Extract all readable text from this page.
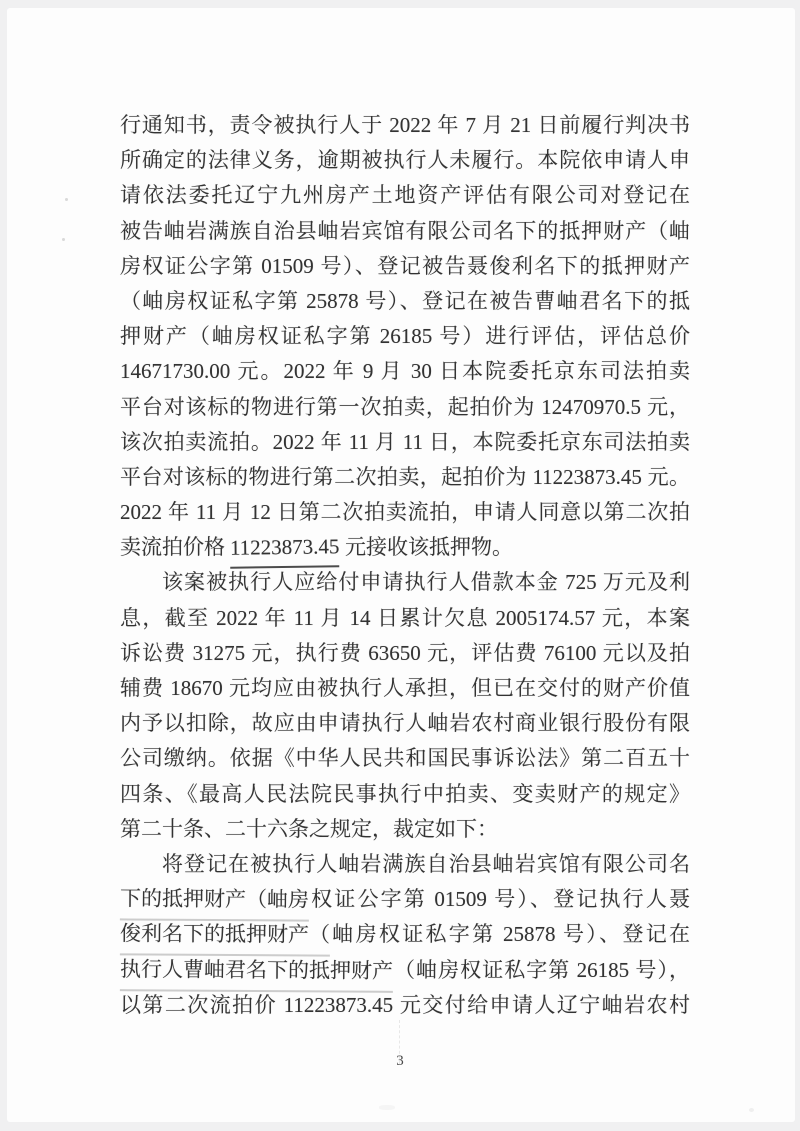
行通知书，责令被执行人于 2022 年 7 月 21 日前履行判决书
所确定的法律义务，逾期被执行人未履行。本院依申请人申
请依法委托辽宁九州房产土地资产评估有限公司对登记在
被告岫岩满族自治县岫岩宾馆有限公司名下的抵押财产（岫
房权证公字第 01509 号）、登记被告聂俊利名下的抵押财产
（岫房权证私字第 25878 号）、登记在被告曹岫君名下的抵
押财产（岫房权证私字第 26185 号）进行评估，评估总价
14671730.00 元。2022 年 9 月 30 日本院委托京东司法拍卖
平台对该标的物进行第一次拍卖，起拍价为 12470970.5 元，
该次拍卖流拍。2022 年 11 月 11 日，本院委托京东司法拍卖
平台对该标的物进行第二次拍卖，起拍价为 11223873.45 元。
2022 年 11 月 12 日第二次拍卖流拍，申请人同意以第二次拍
卖流拍价格 11223873.45 元接收该抵押物。
该案被执行人应给付申请执行人借款本金 725 万元及利
息，截至 2022 年 11 月 14 日累计欠息 2005174.57 元，本案
诉讼费 31275 元，执行费 63650 元，评估费 76100 元以及拍
辅费 18670 元均应由被执行人承担，但已在交付的财产价值
内予以扣除，故应由申请执行人岫岩农村商业银行股份有限
公司缴纳。依据《中华人民共和国民事诉讼法》第二百五十
四条、《最高人民法院民事执行中拍卖、变卖财产的规定》
第二十条、二十六条之规定，裁定如下：
将登记在被执行人岫岩满族自治县岫岩宾馆有限公司名
下的抵押财产（岫房权证公字第 01509 号）、登记执行人聂
俊利名下的抵押财产（岫房权证私字第 25878 号）、登记在
执行人曹岫君名下的抵押财产（岫房权证私字第 26185 号），
以第二次流拍价 11223873.45 元交付给申请人辽宁岫岩农村
3
